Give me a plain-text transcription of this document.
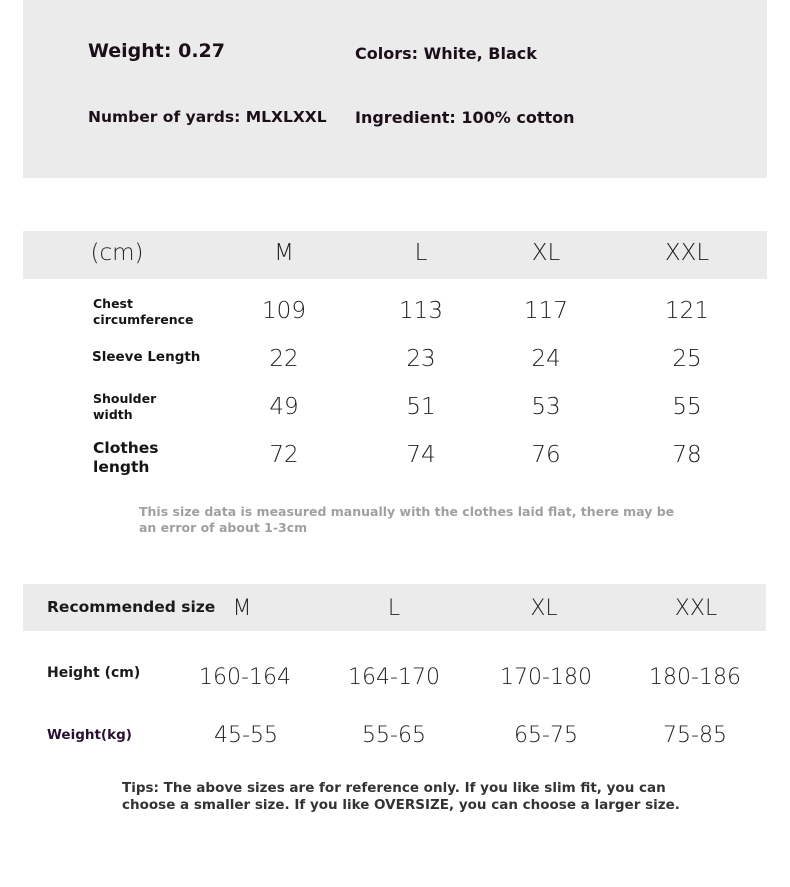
Weight: 0.27	Colors: White, Black
Number of yards: MLXLXXL Ingredient: 100% cotton
(cm)	M	L	XL	XXL
Chest
circumference	109	113	117	121
Sleeve Length	22	23	24	25
Shoulder
width	49	51	53	55
Clothes
length	72	74	76	78
This size data is measured manually with the clothes laid flat, there may be an error of about 1-3cm
Recommended size M	L	XL	XXL
Height (cm)	160-164	164-170	170-180	180-186
Weight(kg)	45-55	55-65	65-75	75-85
Tips: The above sizes are for reference only. If you like slim fit, you can choose a smaller size. If you like OVERSIZE, you can choose a larger size.
